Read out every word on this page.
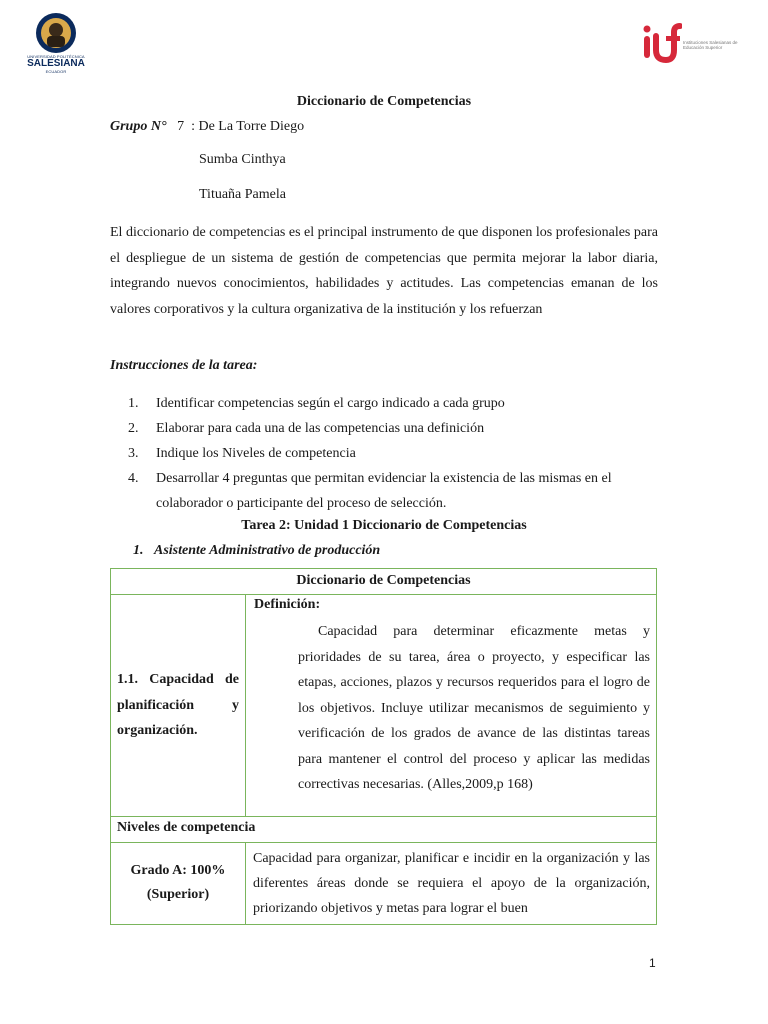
UNIVERSIDAD POLITÉCNICA
SALESIANA
ECUADOR
Instituciones Salesianas de Educación Superior
Diccionario de Competencias
Grupo N° 7 : De La Torre Diego
Sumba Cinthya
Tituaña Pamela
El diccionario de competencias es el principal instrumento de que disponen los profesionales para el despliegue de un sistema de gestión de competencias que permita mejorar la labor diaria, integrando nuevos conocimientos, habilidades y actitudes. Las competencias emanan de los valores corporativos y la cultura organizativa de la institución y los refuerzan
Instrucciones de la tarea:
1. Identificar competencias según el cargo indicado a cada grupo
2. Elaborar para cada una de las competencias una definición
3. Indique los Niveles de competencia
4. Desarrollar 4 preguntas que permitan evidenciar la existencia de las mismas en el colaborador o participante del proceso de selección.
Tarea 2: Unidad 1 Diccionario de Competencias
1. Asistente Administrativo de producción
Diccionario de Competencias
1.1. Capacidad de planificación y organización.
Definición:
Capacidad para determinar eficazmente metas y prioridades de su tarea, área o proyecto, y especificar las etapas, acciones, plazos y recursos requeridos para el logro de los objetivos. Incluye utilizar mecanismos de seguimiento y verificación de los grados de avance de las distintas tareas para mantener el control del proceso y aplicar las medidas correctivas necesarias. (Alles,2009,p 168)
Niveles de competencia
Grado A: 100%
(Superior)
Capacidad para organizar, planificar e incidir en la organización y las diferentes áreas donde se requiera el apoyo de la organización, priorizando objetivos y metas para lograr el buen
1
